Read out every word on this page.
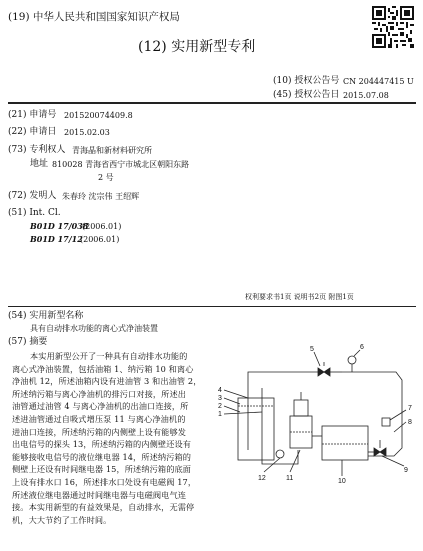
(19) 中华人民共和国国家知识产权局
(12) 实用新型专利
(10) 授权公告号 CN 204447415 U
(45) 授权公告日 2015.07.08
(21) 申请号 201520074409.8
(22) 申请日 2015.02.03
(73) 专利权人 青海晶和新材料研究所
地址 810028 青海省西宁市城北区朝阳东路
2 号
(72) 发明人 朱春玲 沈宗伟 王绍辉
(51) Int. Cl.
B01D 17/038
(2006.01)
B01D 17/12
(2006.01)
权利要求书1页 说明书2页 附图1页
(54) 实用新型名称
具有自动排水功能的离心式净油装置
(57) 摘要

本实用新型公开了一种具有自动排水功能的

离心式净油装置，包括油箱 1、纳污箱 10 和离心

净油机 12，所述油箱内设有进油管 3 和出油管 2，

所述纳污箱与离心净油机的排污口对接，所述出

油管通过油管 4 与离心净油机的出油口连接，所

述进油管通过自吸式增压泵 11 与离心净油机的

进油口连接，所述纳污箱的内侧壁上设有能够发

出电信号的探头 13，所述纳污箱的内侧壁还设有

能够接收电信号的液位继电器 14，所述纳污箱的

侧壁上还设有时间继电器 15，所述纳污箱的底面

上设有排水口 16，所述排水口处设有电磁阀 17，

所述液位继电器通过时间继电器与电磁阀电气连

接。本实用新型的有益效果是，自动排水，无需停

机，大大节约了工作时间。

4
3
2
1
5	6
7
8
9
10
11
12
